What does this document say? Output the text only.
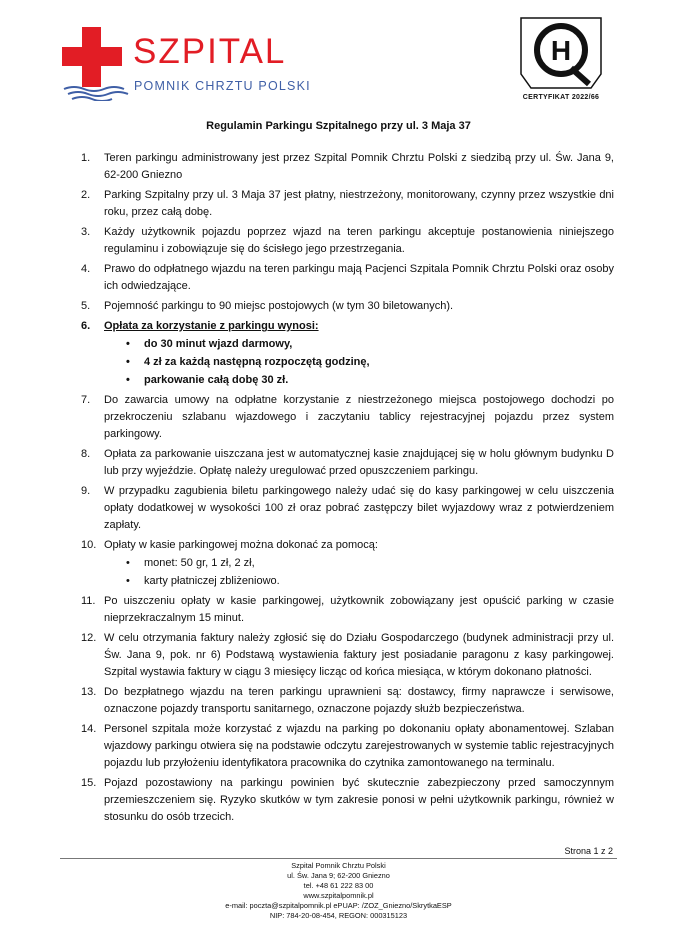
SZPITAL
POMNIK CHRZTU POLSKI
H
CERTYFIKAT 2022/66
Regulamin Parkingu Szpitalnego przy ul. 3 Maja 37
1.	Teren parkingu administrowany jest przez Szpital Pomnik Chrztu Polski z siedzibą przy ul. Św. Jana 9, 62-200 Gniezno
2.	Parking Szpitalny przy ul. 3 Maja 37 jest płatny, niestrzeżony, monitorowany, czynny przez wszystkie dni roku, przez całą dobę.
3.	Każdy użytkownik pojazdu poprzez wjazd na teren parkingu akceptuje postanowienia niniejszego regulaminu i zobowiązuje się do ścisłego jego przestrzegania.
4.	Prawo do odpłatnego wjazdu na teren parkingu mają Pacjenci Szpitala Pomnik Chrztu Polski oraz osoby ich odwiedzające.
5.	Pojemność parkingu to 90 miejsc postojowych (w tym 30 biletowanych).
6.	Opłata za korzystanie z parkingu wynosi:
• do 30 minut wjazd darmowy,
• 4 zł za każdą następną rozpoczętą godzinę,
• parkowanie całą dobę 30 zł.
7.	Do zawarcia umowy na odpłatne korzystanie z niestrzeżonego miejsca postojowego dochodzi po przekroczeniu szlabanu wjazdowego i zaczytaniu tablicy rejestracyjnej pojazdu przez system parkingowy.
8.	Opłata za parkowanie uiszczana jest w automatycznej kasie znajdującej się w holu głównym budynku D lub przy wyjeździe. Opłatę należy uregulować przed opuszczeniem parkingu.
9.	W przypadku zagubienia biletu parkingowego należy udać się do kasy parkingowej w celu uiszczenia opłaty dodatkowej w wysokości 100 zł oraz pobrać zastępczy bilet wyjazdowy wraz z potwierdzeniem zapłaty.
10. Opłaty w kasie parkingowej można dokonać za pomocą:
• monet: 50 gr, 1 zł, 2 zł,
• karty płatniczej zbliżeniowo.
11. Po uiszczeniu opłaty w kasie parkingowej, użytkownik zobowiązany jest opuścić parking w czasie nieprzekraczalnym 15 minut.
12. W celu otrzymania faktury należy zgłosić się do Działu Gospodarczego (budynek administracji przy ul. Św. Jana 9, pok. nr 6) Podstawą wystawienia faktury jest posiadanie paragonu z kasy parkingowej. Szpital wystawia faktury w ciągu 3 miesięcy licząc od końca miesiąca, w którym dokonano płatności.
13. Do bezpłatnego wjazdu na teren parkingu uprawnieni są: dostawcy, firmy naprawcze i serwisowe, oznaczone pojazdy transportu sanitarnego, oznaczone pojazdy służb bezpieczeństwa.
14. Personel szpitala może korzystać z wjazdu na parking po dokonaniu opłaty abonamentowej. Szlaban wjazdowy parkingu otwiera się na podstawie odczytu zarejestrowanych w systemie tablic rejestracyjnych pojazdu lub przyłożeniu identyfikatora pracownika do czytnika zamontowanego na terminalu.
15. Pojazd pozostawiony na parkingu powinien być skutecznie zabezpieczony przed samoczynnym przemieszczeniem się. Ryzyko skutków w tym zakresie ponosi w pełni użytkownik parkingu, również w stosunku do osób trzecich.
Strona 1 z 2
Szpital Pomnik Chrztu Polski
ul. Św. Jana 9; 62-200 Gniezno
tel. +48 61 222 83 00
www.szpitalpomnik.pl
e-mail: poczta@szpitalpomnik.pl ePUAP: /ZOZ_Gniezno/SkrytkaESP
NIP: 784-20-08-454, REGON: 000315123
